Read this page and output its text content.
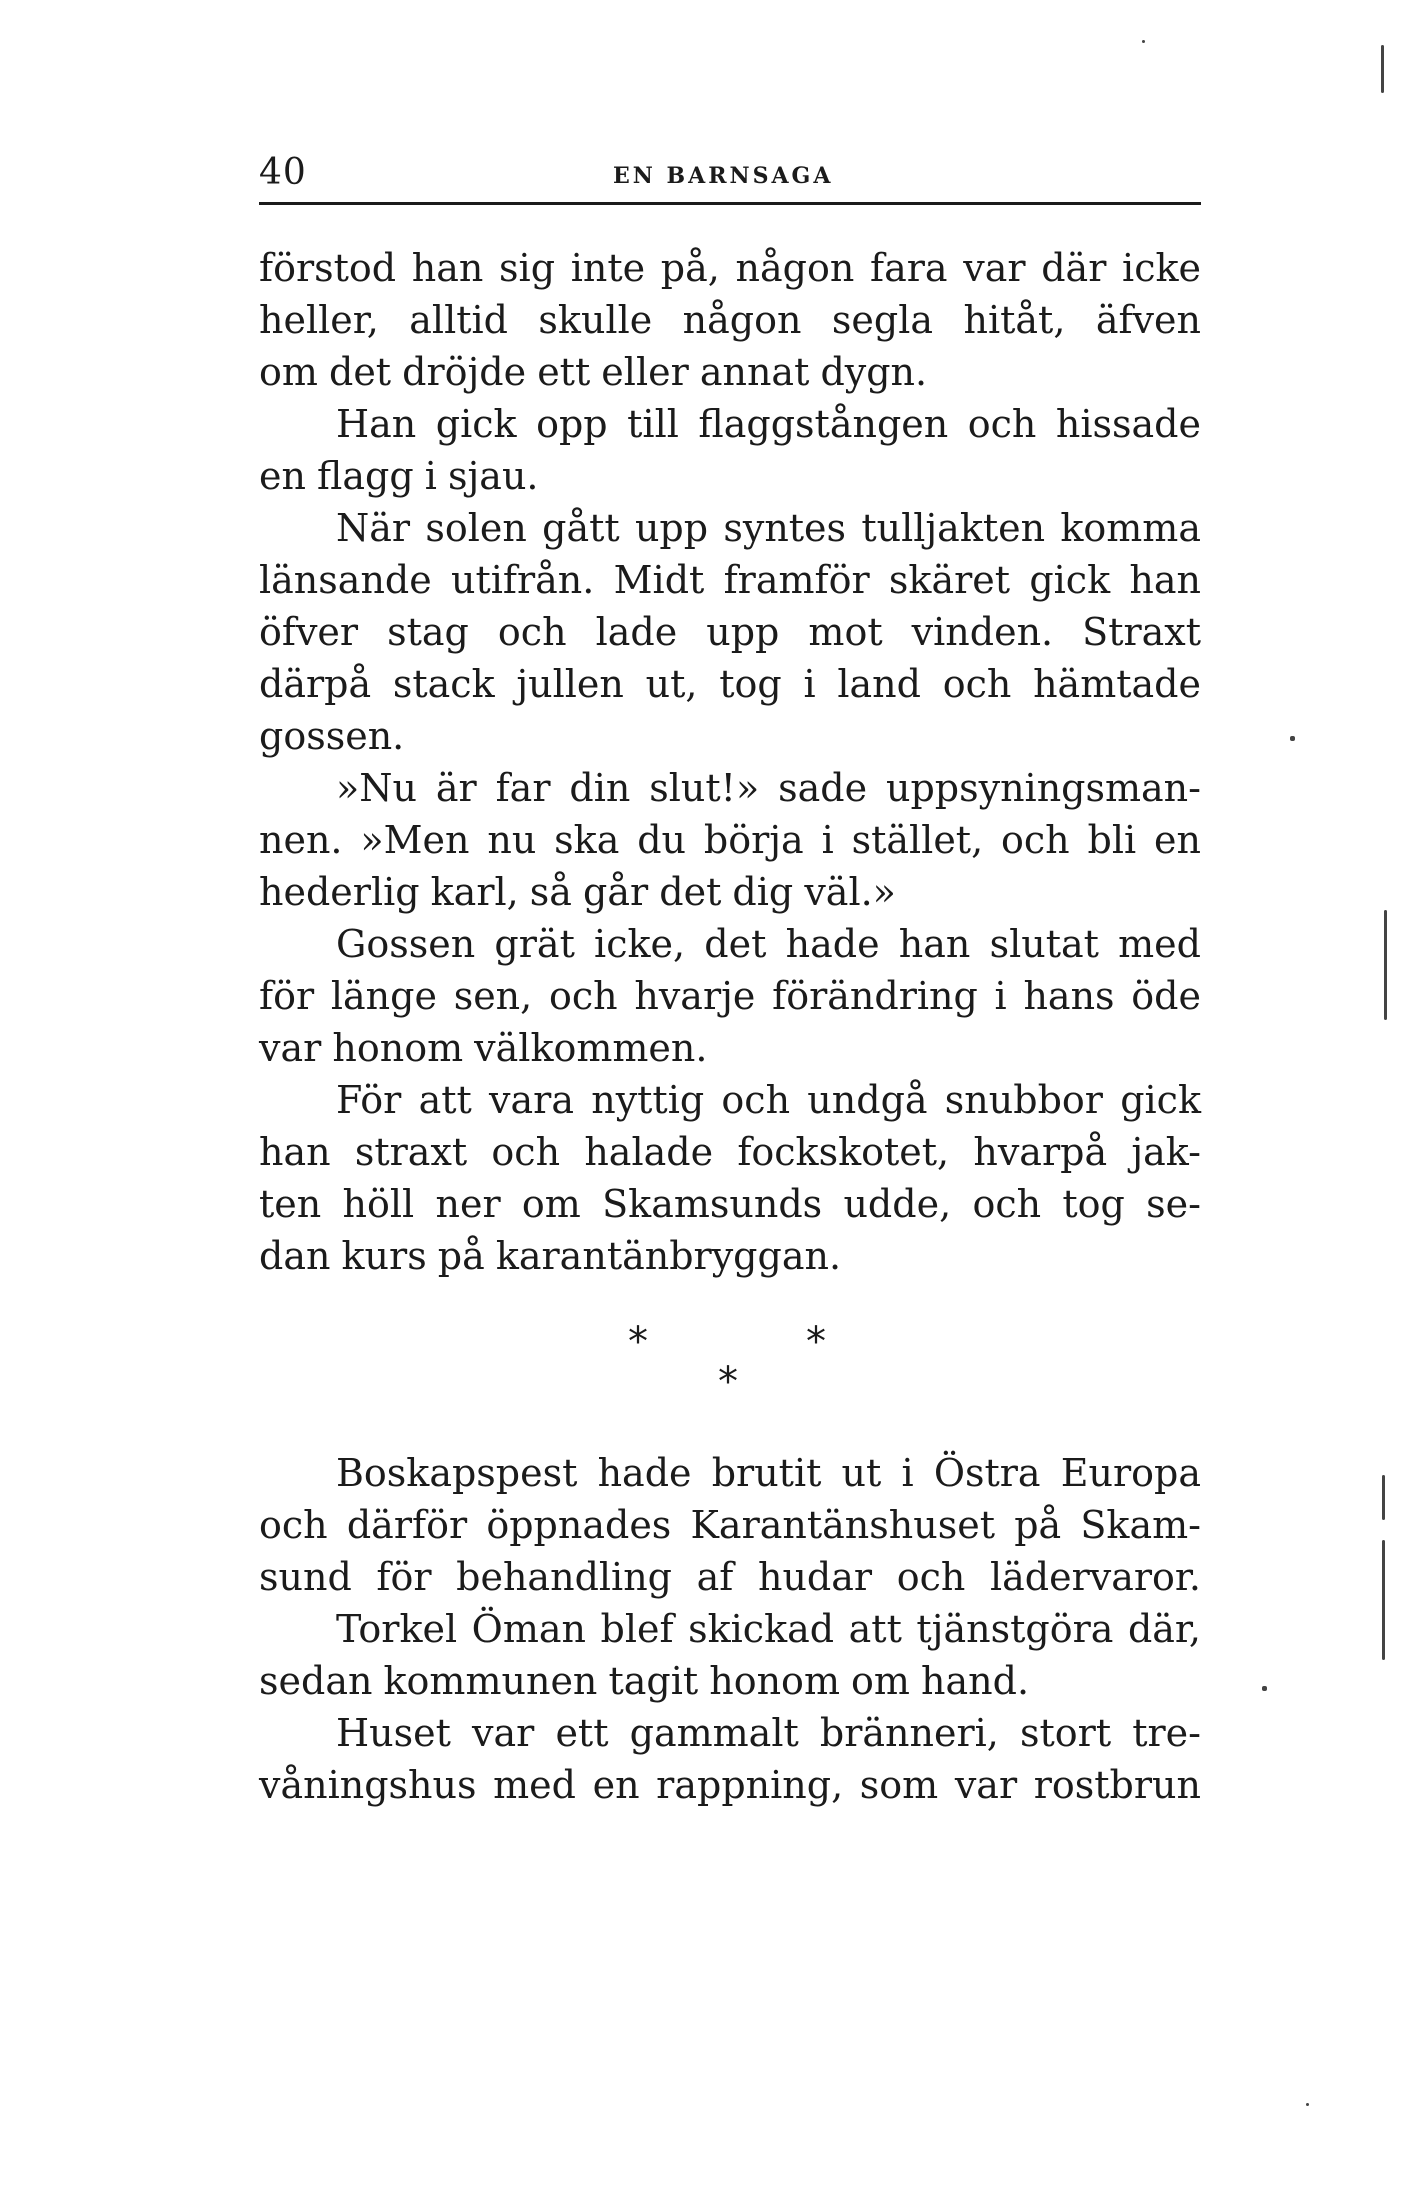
40	EN BARNSAGA
förstod han sig inte på, någon fara var där icke
heller, alltid skulle någon segla hitåt, äfven
om det dröjde ett eller annat dygn.
Han gick opp till flaggstången och hissade
en flagg i sjau.
När solen gått upp syntes tulljakten komma
länsande utifrån. Midt framför skäret gick han
öfver stag och lade upp mot vinden. Straxt
därpå stack jullen ut, tog i land och hämtade
gossen.
»Nu är far din slut!» sade uppsyningsman-
nen. »Men nu ska du börja i stället, och bli en
hederlig karl, så går det dig väl.»
Gossen grät icke, det hade han slutat med
för länge sen, och hvarje förändring i hans öde
var honom välkommen.
För att vara nyttig och undgå snubbor gick
han straxt och halade fockskotet, hvarpå jak-
ten höll ner om Skamsunds udde, och tog se-
dan kurs på karantänbryggan.
Boskapspest hade brutit ut i Östra Europa
och därför öppnades Karantänshuset på Skam-
sund för behandling af hudar och lädervaror.
Torkel Öman blef skickad att tjänstgöra där,
sedan kommunen tagit honom om hand.
Huset var ett gammalt bränneri, stort tre-
våningshus med en rappning, som var rostbrun
*	*
*
